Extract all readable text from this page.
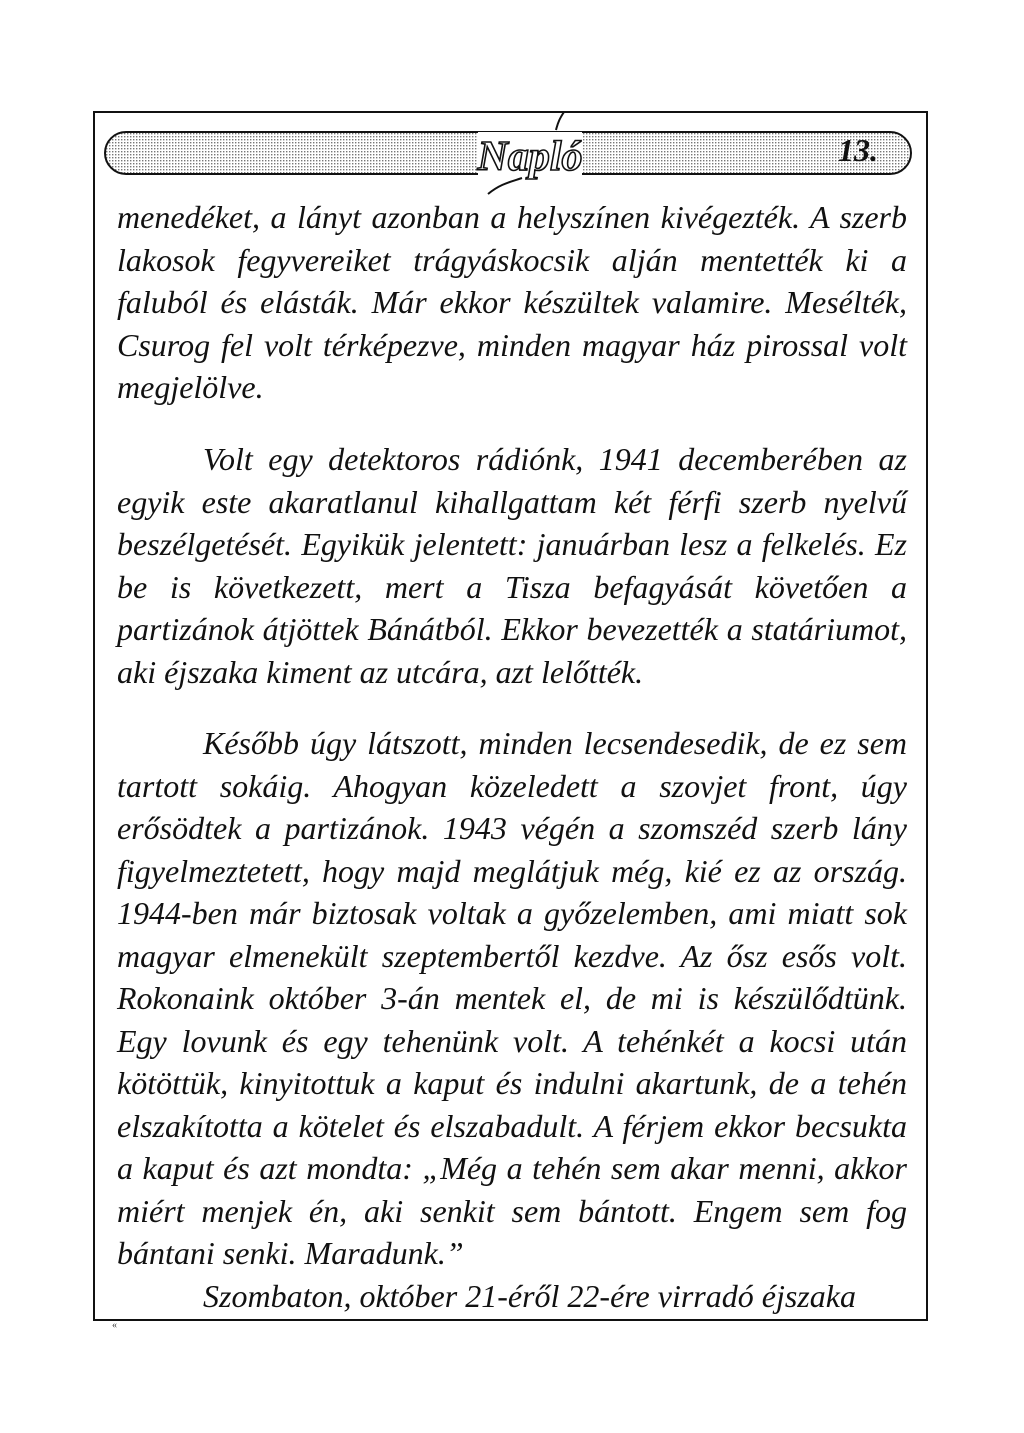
Napló	13.
menedéket, a lányt azonban a helyszínen kivégezték. A szerb lakosok fegyvereiket trágyáskocsik alján mentették ki a faluból és elásták. Már ekkor készültek valamire. Mesélték, Csurog fel volt térképezve, minden magyar ház pirossal volt megjelölve.
Volt egy detektoros rádiónk, 1941 decemberében az egyik este akaratlanul kihallgattam két férfi szerb nyelvű beszélgetését. Egyikük jelentett: januárban lesz a felkelés. Ez be is következett, mert a Tisza befagyását követően a partizánok átjöttek Bánátból. Ekkor bevezették a statáriumot, aki éjszaka kiment az utcára, azt lelőtték.
Később úgy látszott, minden lecsendesedik, de ez sem tartott sokáig. Ahogyan közeledett a szovjet front, úgy erősödtek a partizánok. 1943 végén a szomszéd szerb lány figyelmeztetett, hogy majd meglátjuk még, kié ez az ország. 1944-ben már biztosak voltak a győzelemben, ami miatt sok magyar elmenekült szeptembertől kezdve. Az ősz esős volt. Rokonaink október 3-án mentek el, de mi is készülődtünk. Egy lovunk és egy tehenünk volt. A tehénkét a kocsi után kötöttük, kinyitottuk a kaput és indulni akartunk, de a tehén elszakította a kötelet és elszabadult. A férjem ekkor becsukta a kaput és azt mondta: „Még a tehén sem akar menni, akkor miért menjek én, aki senkit sem bántott. Engem sem fog bántani senki. Maradunk.”
Szombaton, október 21-éről 22-ére virradó éjszaka
«
